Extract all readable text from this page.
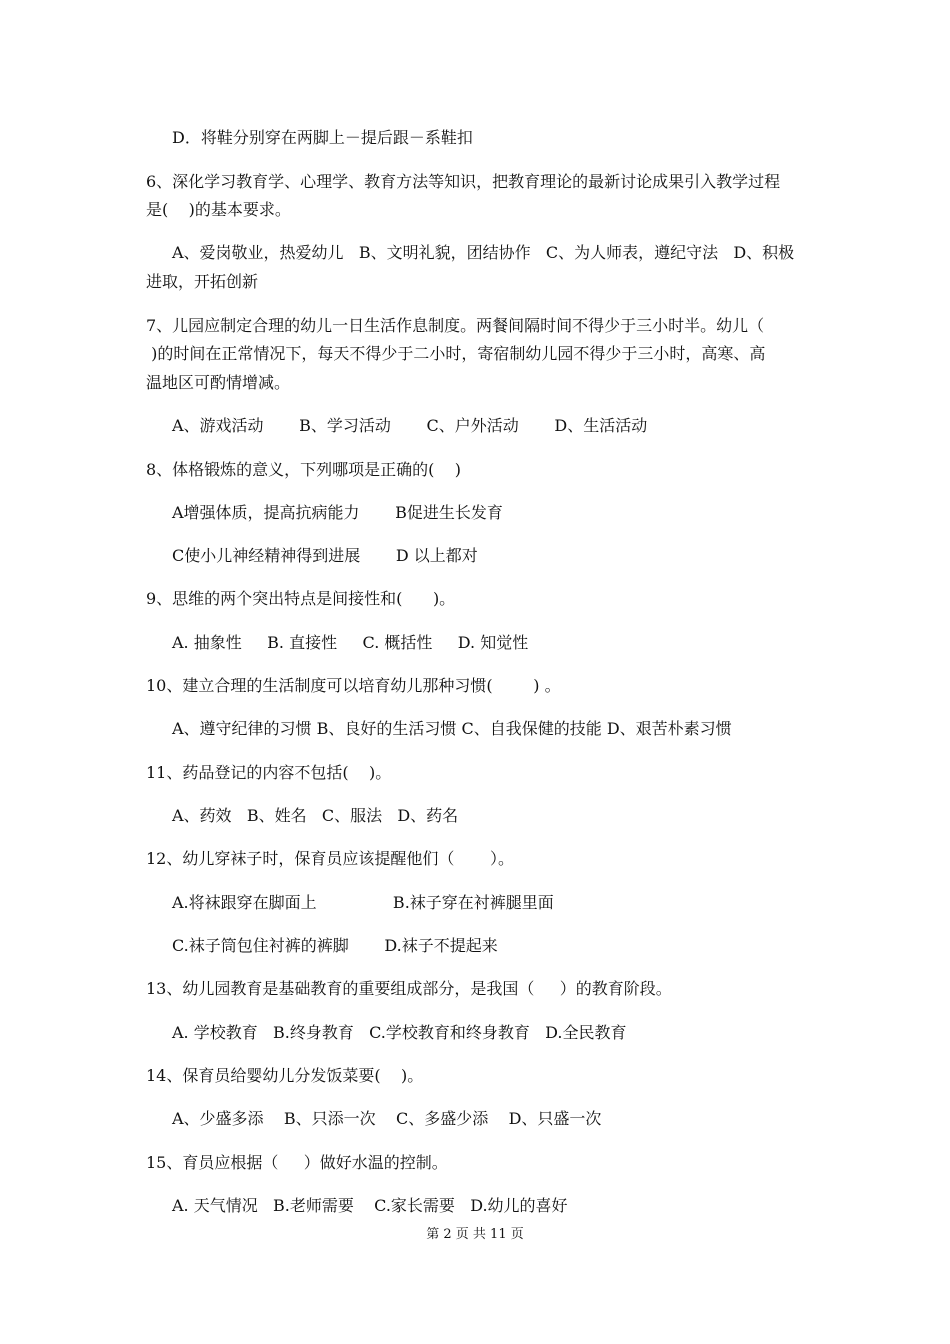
D．将鞋分别穿在两脚上－提后跟－系鞋扣
6、深化学习教育学、心理学、教育方法等知识，把教育理论的最新讨论成果引入教学过程
是(    )的基本要求。
A、爱岗敬业，热爱幼儿   B、文明礼貌，团结协作   C、为人师表，遵纪守法   D、积极
进取，开拓创新
7、儿园应制定合理的幼儿一日生活作息制度。两餐间隔时间不得少于三小时半。幼儿（
)的时间在正常情况下，每天不得少于二小时，寄宿制幼儿园不得少于三小时，高寒、高
温地区可酌情增减。
A、游戏活动       B、学习活动       C、户外活动       D、生活活动
8、体格锻炼的意义，下列哪项是正确的(    )
A增强体质，提高抗病能力       B促进生长发育
C使小儿神经精神得到进展       D 以上都对
9、思维的两个突出特点是间接性和(      )。
A. 抽象性     B. 直接性     C. 概括性     D. 知觉性
10、建立合理的生活制度可以培育幼儿那种习惯(        ) 。
A、遵守纪律的习惯 B、良好的生活习惯 C、自我保健的技能 D、艰苦朴素习惯
11、药品登记的内容不包括(    )。
A、药效   B、姓名   C、服法   D、药名
12、幼儿穿袜子时，保育员应该提醒他们（       ）。
A.将袜跟穿在脚面上               B.袜子穿在衬裤腿里面
C.袜子筒包住衬裤的裤脚       D.袜子不提起来
13、幼儿园教育是基础教育的重要组成部分，是我国（     ）的教育阶段。
A. 学校教育   B.终身教育   C.学校教育和终身教育   D.全民教育
14、保育员给婴幼儿分发饭菜要(    )。
A、少盛多添    B、只添一次    C、多盛少添    D、只盛一次
15、育员应根据（     ）做好水温的控制。
A. 天气情况   B.老师需要    C.家长需要   D.幼儿的喜好
第 2 页 共 11 页
